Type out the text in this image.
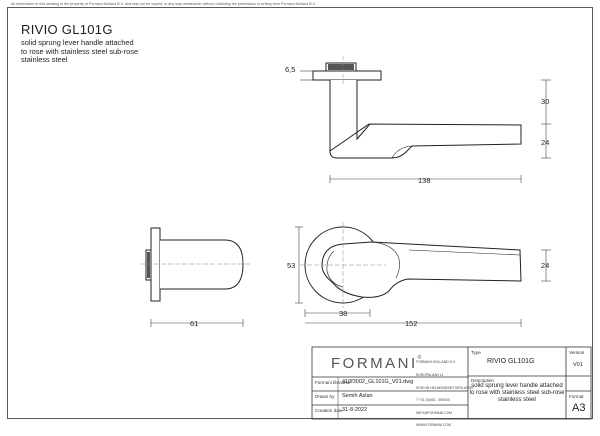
All information in this drawing is the property of Formani Holland B.V. and may not be copied, in any way whatsoever without obtaining the permission in writing from Formani Holland B.V.
RIVIO GL101G
solid sprung lever handle attached
to rose with stainless steel sub-rose
stainless steel
6,5
30
24
138
61
53	24
38
152
FORMANI®

FORMANI HOLLAND B.V.

EUROPALAAN 11

5708 HB HELMOND/NETHERLANDS

T +31 (0)492 - 509030

INFO@FORMANI.COM

WWW.FORMANI.COM

Formani filename
410f3002_GL101G_V01.dwg
Drawn by Semih Aslan
Creation date 31-8-2022
Type
RIVIO GL101G
Version
V01
Description
solid sprung lever handle attached
to rose with stainless steel sub-rose
stainless steel
Format
A3
